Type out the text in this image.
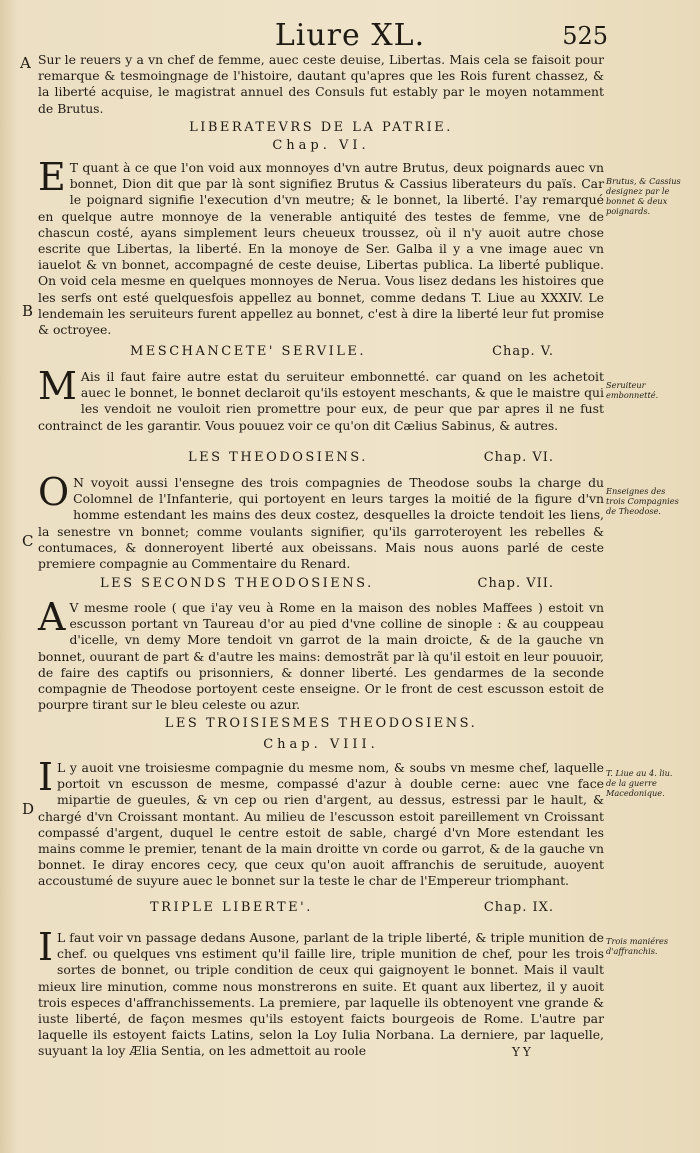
Liure XL.	525
A
B
C
D

Sur le reuers y a vn chef de femme, auec ceste deuise, Libertas. Mais cela se faisoit pour remarque & tesmoingnage de l'histoire, dautant qu'apres que les Rois furent chassez, & la liberté acquise, le magistrat annuel des Consuls fut estably par le moyen notamment de Brutus.

LIBERATEVRS DE LA PATRIE.
Chap. VI.
E T quant à ce que l'on void aux monnoyes d'vn autre Brutus, deux poignards auec vn bonnet, Dion dit que par là sont signifiez Brutus & Cassius liberateurs du païs. Car le poignard signifie l'execution d'vn meutre; & le bonnet, la liberté. I'ay remarqué en quelque autre monnoye de la venerable antiquité des testes de femme, vne de chascun costé, ayans simplement leurs cheueux troussez, où il n'y auoit autre chose escrite que Libertas, la liberté. En la monoye de Ser. Galba il y a vne image auec vn iauelot & vn bonnet, accompagné de ceste deuise, Libertas publica. La liberté publique. On void cela mesme en quelques monnoyes de Nerua. Vous lisez dedans les histoires que les serfs ont esté quelquesfois appellez au bonnet, comme dedans T. Liue au XXXIV. Le lendemain les seruiteurs furent appellez au bonnet, c'est à dire la liberté leur fut promise & octroyee.
Brutus, & Cassius designez par le bonnet & deux poignards.
MESCHANCETE' SERVILE.	Chap. V.
M Ais il faut faire autre estat du seruiteur embonnetté. car quand on les achetoit auec le bonnet, le bonnet declaroit qu'ils estoyent meschants, & que le maistre qui les vendoit ne vouloit rien promettre pour eux, de peur que par apres il ne fust contrainct de les garantir. Vous pouuez voir ce qu'on dit Cælius Sabinus, & autres.
Seruiteur embonnetté.
LES THEODOSIENS.	Chap. VI.
O N voyoit aussi l'ensegne des trois compagnies de Theodose soubs la charge du Colomnel de l'Infanterie, qui portoyent en leurs targes la moitié de la figure d'vn homme estendant les mains des deux costez, desquelles la droicte tendoit les liens, la senestre vn bonnet; comme voulants signifier, qu'ils garroteroyent les rebelles & contumaces, & donneroyent liberté aux obeissans. Mais nous auons parlé de ceste premiere compagnie au Commentaire du Renard.
Enseignes des trois Compagnies de Theodose.
LES SECONDS THEODOSIENS.	Chap. VII.
A V mesme roole ( que i'ay veu à Rome en la maison des nobles Maffees ) estoit vn escusson portant vn Taureau d'or au pied d'vne colline de sinople : & au couppeau d'icelle, vn demy More tendoit vn garrot de la main droicte, & de la gauche vn bonnet, ouurant de part & d'autre les mains: demostrãt par là qu'il estoit en leur pouuoir, de faire des captifs ou prisonniers, & donner liberté. Les gendarmes de la seconde compagnie de Theodose portoyent ceste enseigne. Or le front de cest escusson estoit de pourpre tirant sur le bleu celeste ou azur.
LES TROISIESMES THEODOSIENS.
Chap. VIII.
I L y auoit vne troisiesme compagnie du mesme nom, & soubs vn mesme chef, laquelle portoit vn escusson de mesme, compassé d'azur à double cerne: auec vne face mipartie de gueules, & vn cep ou rien d'argent, au dessus, estressi par le hault, & chargé d'vn Croissant montant. Au milieu de l'escusson estoit pareillement vn Croissant compassé d'argent, duquel le centre estoit de sable, chargé d'vn More estendant les mains comme le premier, tenant de la main droitte vn corde ou garrot, & de la gauche vn bonnet. Ie diray encores cecy, que ceux qu'on auoit affranchis de seruitude, auoyent accoustumé de suyure auec le bonnet sur la teste le char de l'Empereur triomphant.
T. Liue au 4. liu. de la guerre Macedonique.
TRIPLE LIBERTE'.	Chap. IX.
I L faut voir vn passage dedans Ausone, parlant de la triple liberté, & triple munition de chef. ou quelques vns estiment qu'il faille lire, triple munition de chef, pour les trois sortes de bonnet, ou triple condition de ceux qui gaignoyent le bonnet. Mais il vault mieux lire minution, comme nous monstrerons en suite. Et quant aux libertez, il y auoit trois especes d'affranchissements. La premiere, par laquelle ils obtenoyent vne grande & iuste liberté, de façon mesmes qu'ils estoyent faicts bourgeois de Rome. L'autre par laquelle ils estoyent faicts Latins, selon la Loy Iulia Norbana. La derniere, par laquelle, suyuant la loy Ælia Sentia, on les admettoit au roole
Trois maniéres d'affranchis.
YY
